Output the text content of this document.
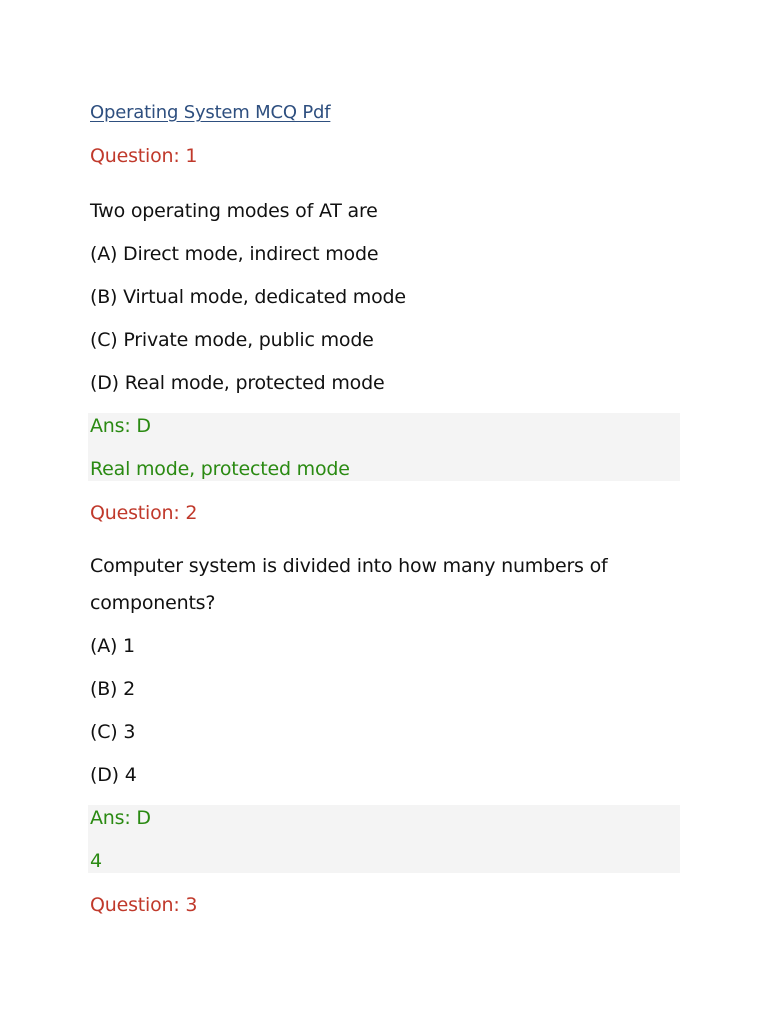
Operating System MCQ Pdf
Question: 1
Two operating modes of AT are
(A) Direct mode, indirect mode
(B) Virtual mode, dedicated mode
(C) Private mode, public mode
(D) Real mode, protected mode
Ans: D
Real mode, protected mode
Question: 2
Computer system is divided into how many numbers of
components?
(A) 1
(B) 2
(C) 3
(D) 4
Ans: D
4
Question: 3
